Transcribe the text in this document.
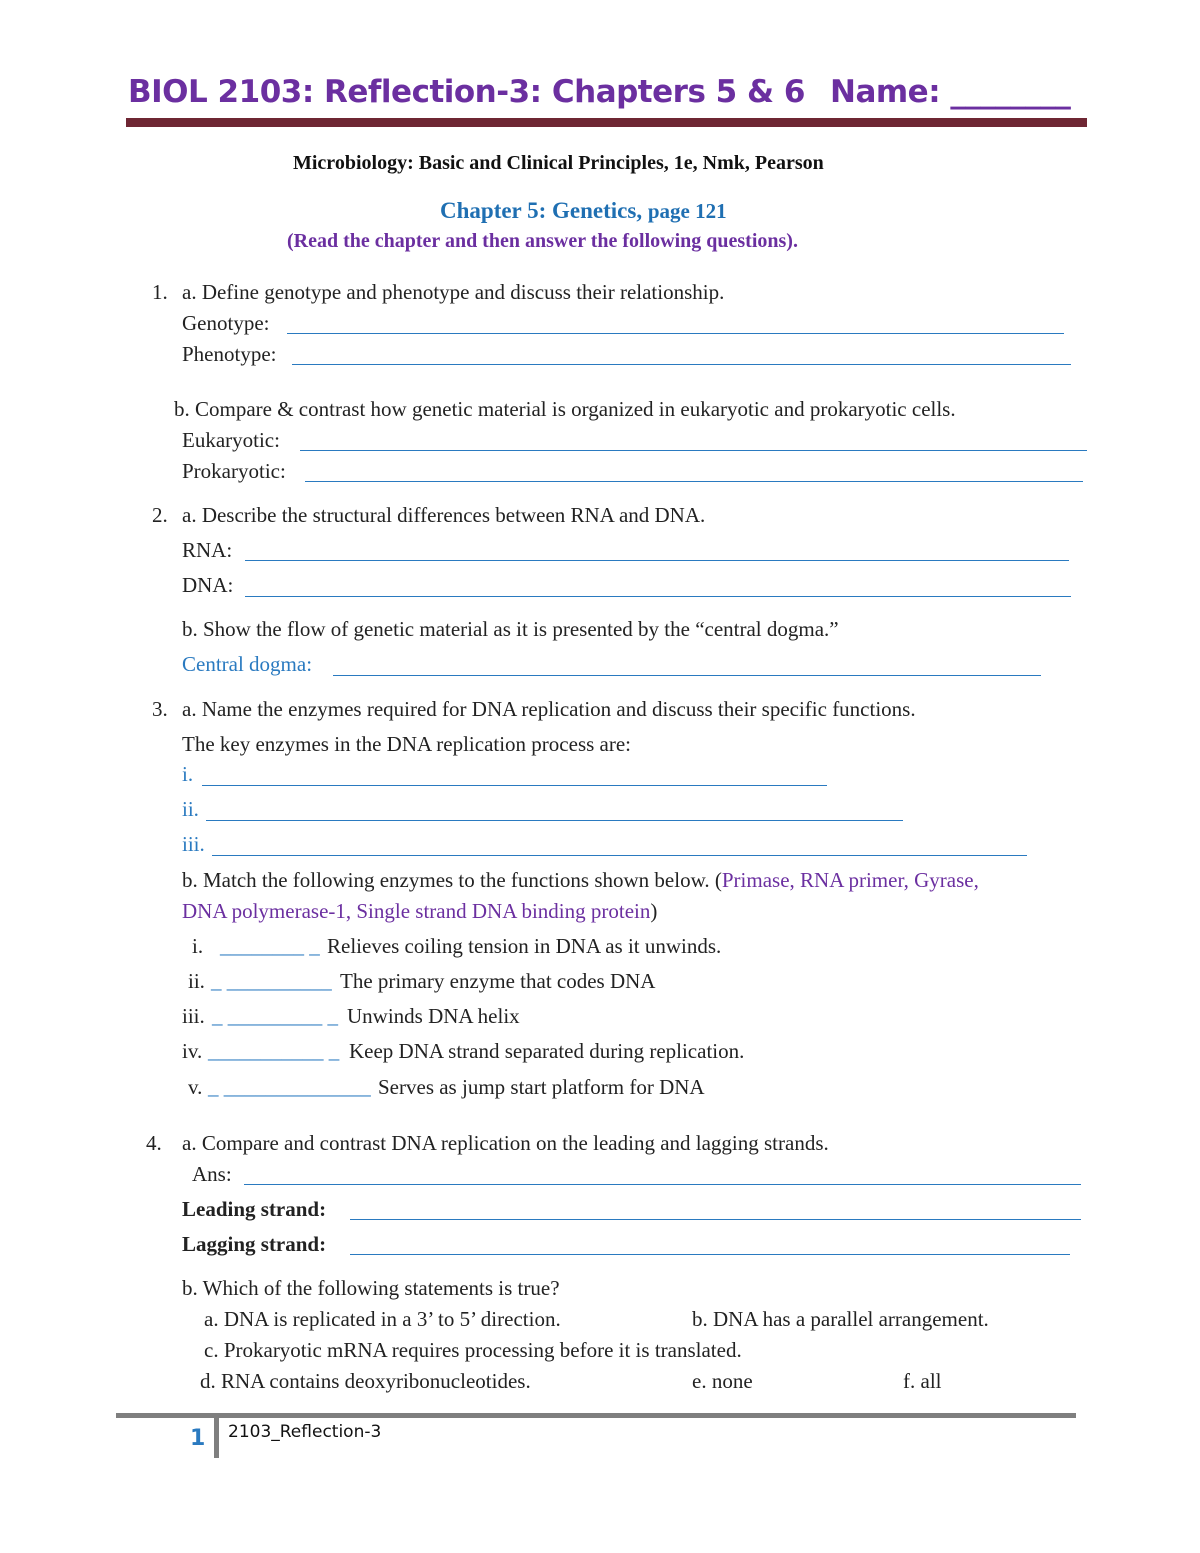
BIOL 2103: Reflection-3: Chapters 5 & 6 Name: ________
Microbiology: Basic and Clinical Principles, 1e, Nmk, Pearson
Chapter 5: Genetics, page 121
(Read the chapter and then answer the following questions).
1. a. Define genotype and phenotype and discuss their relationship.
Genotype:
Phenotype:
b. Compare & contrast how genetic material is organized in eukaryotic and prokaryotic cells.
Eukaryotic:
Prokaryotic:
2. a. Describe the structural differences between RNA and DNA.
RNA:
DNA:
b. Show the flow of genetic material as it is presented by the “central dogma.”
Central dogma:
3. a. Name the enzymes required for DNA replication and discuss their specific functions.
The key enzymes in the DNA replication process are:
i.
ii.
iii.
b. Match the following enzymes to the functions shown below. (Primase, RNA primer, Gyrase,
DNA polymerase-1, Single strand DNA binding protein)
i. ________ _ Relieves coiling tension in DNA as it unwinds.
ii. _ __________ The primary enzyme that codes DNA
iii. _ _________ _ Unwinds DNA helix
iv. ___________ _ Keep DNA strand separated during replication.
v. _ ______________ Serves as jump start platform for DNA
4. a. Compare and contrast DNA replication on the leading and lagging strands.
Ans:
Leading strand:
Lagging strand:
b. Which of the following statements is true?
a. DNA is replicated in a 3’ to 5’ direction.	b. DNA has a parallel arrangement.
c. Prokaryotic mRNA requires processing before it is translated.
d. RNA contains deoxyribonucleotides.	e. none	f. all
1 2103_Reflection-3
